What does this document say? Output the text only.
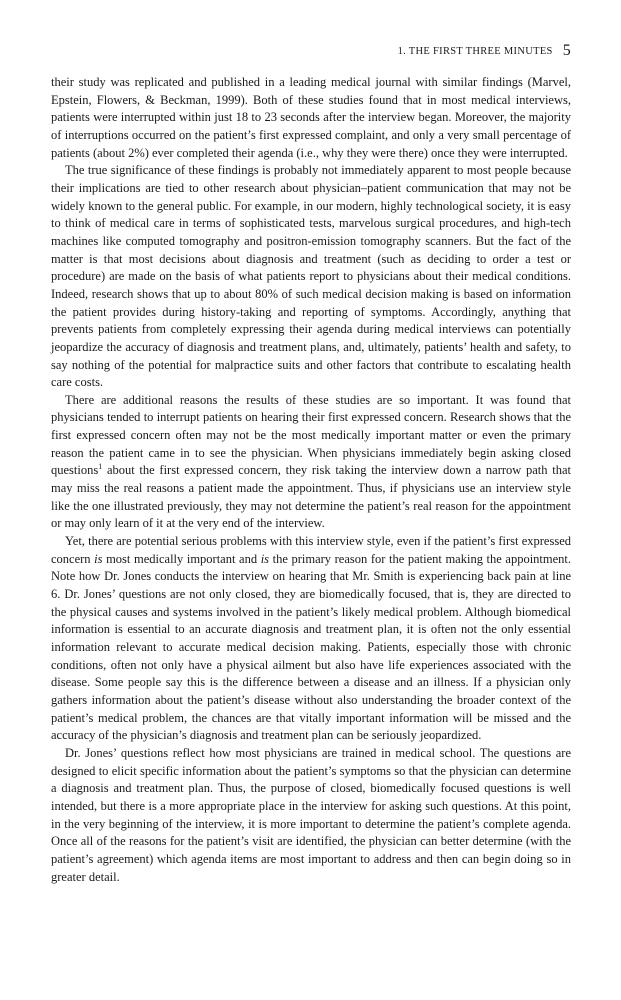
1. THE FIRST THREE MINUTES 5

their study was replicated and published in a leading medical journal with similar findings (Marvel, Epstein, Flowers, & Beckman, 1999). Both of these studies found that in most medical interviews, patients were interrupted within just 18 to 23 seconds after the interview began. Moreover, the majority of interruptions occurred on the patient’s first expressed complaint, and only a very small percentage of patients (about 2%) ever completed their agenda (i.e., why they were there) once they were interrupted.

The true significance of these findings is probably not immediately apparent to most people because their implications are tied to other research about physician–patient communication that may not be widely known to the general public. For example, in our modern, highly technological society, it is easy to think of medical care in terms of sophisticated tests, marvelous surgical procedures, and high-tech machines like computed tomography and positron-emission tomography scanners. But the fact of the matter is that most decisions about diagnosis and treatment (such as deciding to order a test or procedure) are made on the basis of what patients report to physicians about their medical conditions. Indeed, research shows that up to about 80% of such medical decision making is based on information the patient provides during history-taking and reporting of symptoms. Accordingly, anything that prevents patients from completely expressing their agenda during medical interviews can potentially jeopardize the accuracy of diagnosis and treatment plans, and, ultimately, patients’ health and safety, to say nothing of the potential for malpractice suits and other factors that contribute to escalating health care costs.

There are additional reasons the results of these studies are so important. It was found that physicians tended to interrupt patients on hearing their first expressed concern. Research shows that the first expressed concern often may not be the most medically important matter or even the primary reason the patient came in to see the physician. When physicians immediately begin asking closed questions$^1$ about the first expressed concern, they risk taking the interview down a narrow path that may miss the real reasons a patient made the appointment. Thus, if physicians use an interview style like the one illustrated previously, they may not determine the patient’s real reason for the appointment or may only learn of it at the very end of the interview.

Yet, there are potential serious problems with this interview style, even if the patient’s first expressed concern is most medically important and is the primary reason for the patient making the appointment. Note how Dr. Jones conducts the interview on hearing that Mr. Smith is experiencing back pain at line 6. Dr. Jones’ questions are not only closed, they are biomedically focused, that is, they are directed to the physical causes and systems involved in the patient’s likely medical problem. Although biomedical information is essential to an accurate diagnosis and treatment plan, it is often not the only essential information relevant to accurate medical decision making. Patients, especially those with chronic conditions, often not only have a physical ailment but also have life experiences associated with the disease. Some people say this is the difference between a disease and an illness. If a physician only gathers information about the patient’s disease without also understanding the broader context of the patient’s medical problem, the chances are that vitally important information will be missed and the accuracy of the physician’s diagnosis and treatment plan can be seriously jeopardized.

Dr. Jones’ questions reflect how most physicians are trained in medical school. The questions are designed to elicit specific information about the patient’s symptoms so that the physician can determine a diagnosis and treatment plan. Thus, the purpose of closed, biomedically focused questions is well intended, but there is a more appropriate place in the interview for asking such questions. At this point, in the very beginning of the interview, it is more important to determine the patient’s complete agenda. Once all of the reasons for the patient’s visit are identified, the physician can better determine (with the patient’s agreement) which agenda items are most important to address and then can begin doing so in greater detail.
